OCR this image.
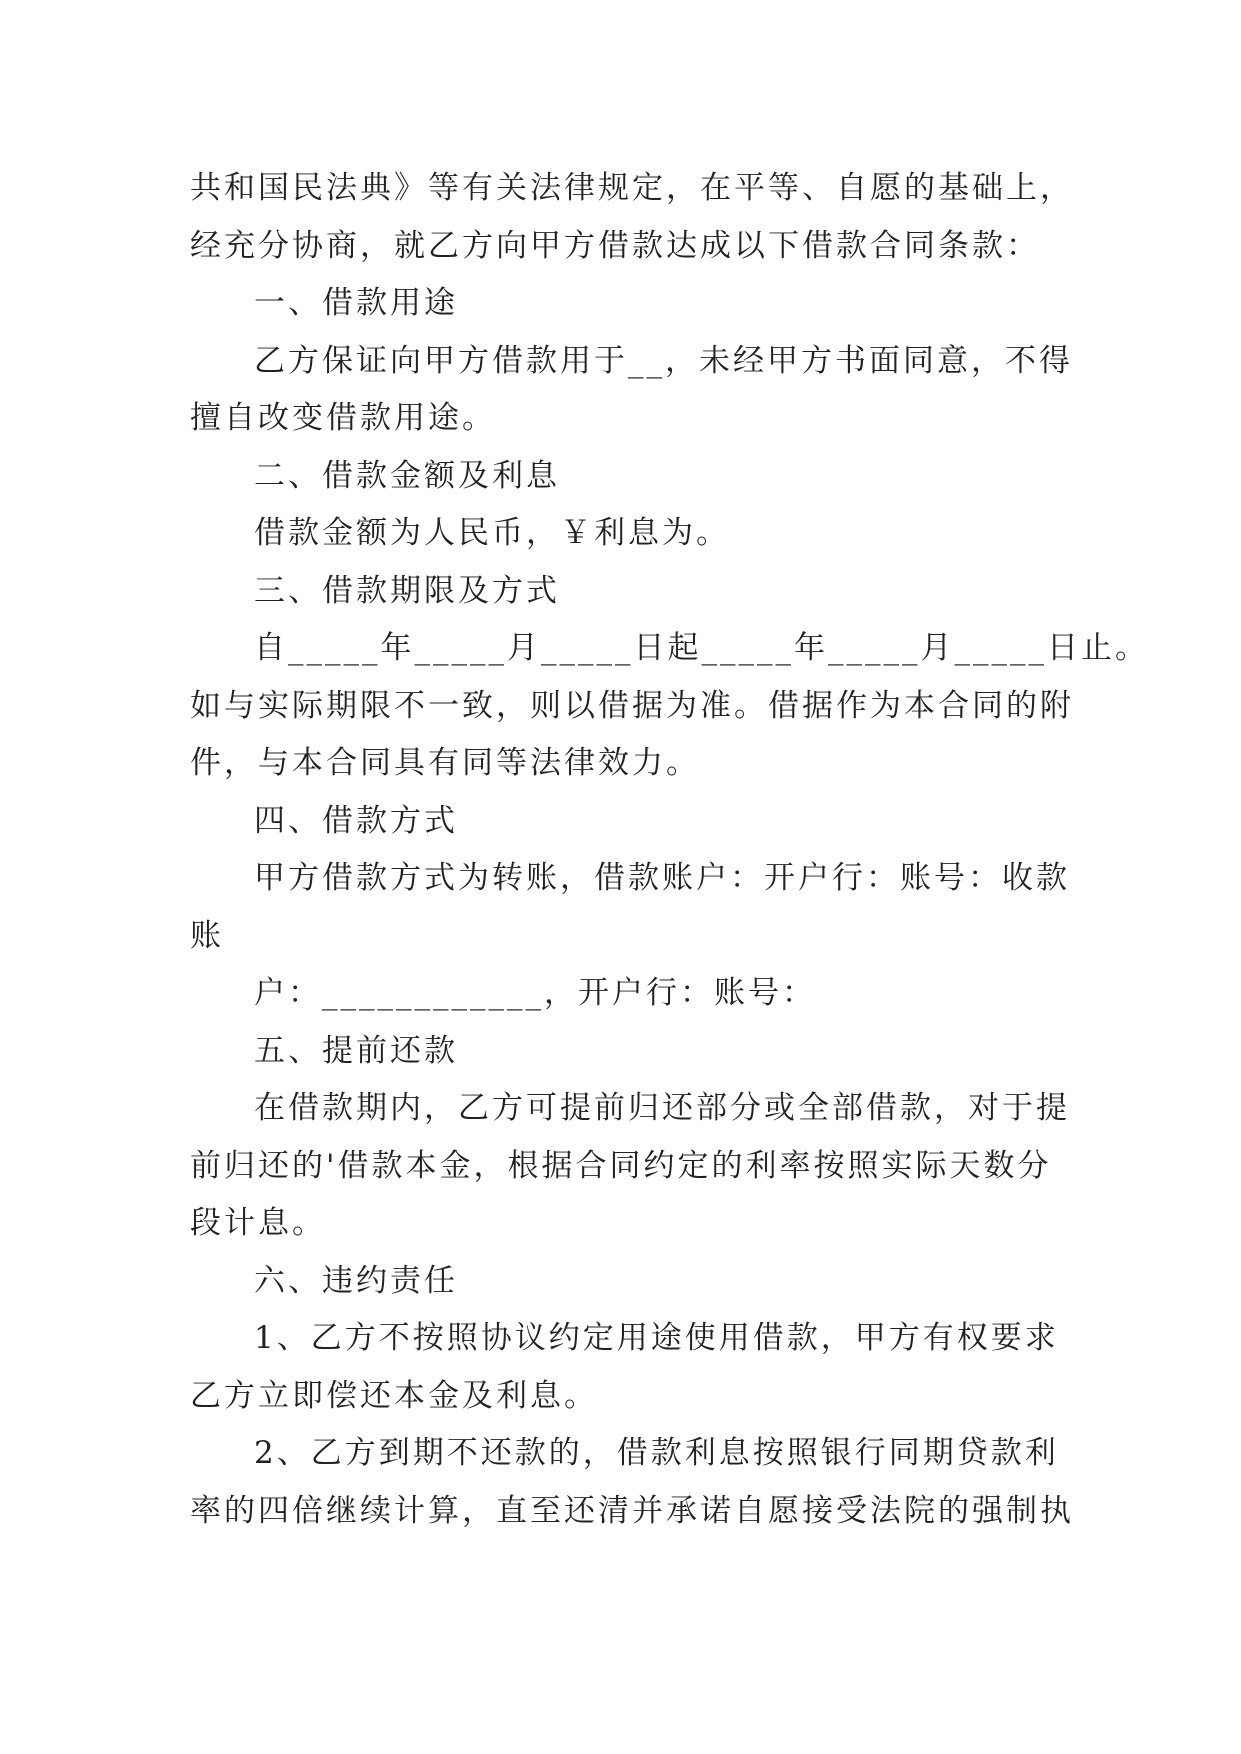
共和国民法典》等有关法律规定，在平等、自愿的基础上，
经充分协商，就乙方向甲方借款达成以下借款合同条款：
一、借款用途
乙方保证向甲方借款用于__，未经甲方书面同意，不得
擅自改变借款用途。
二、借款金额及利息
借款金额为人民币，￥利息为。
三、借款期限及方式
自_____年_____月_____日起_____年_____月_____日止。
如与实际期限不一致，则以借据为准。借据作为本合同的附
件，与本合同具有同等法律效力。
四、借款方式
甲方借款方式为转账，借款账户：开户行：账号：收款
账
户：____________，开户行：账号：
五、提前还款
在借款期内，乙方可提前归还部分或全部借款，对于提
前归还的'借款本金，根据合同约定的利率按照实际天数分
段计息。
六、违约责任
1、乙方不按照协议约定用途使用借款，甲方有权要求
乙方立即偿还本金及利息。
2、乙方到期不还款的，借款利息按照银行同期贷款利
率的四倍继续计算，直至还清并承诺自愿接受法院的强制执
